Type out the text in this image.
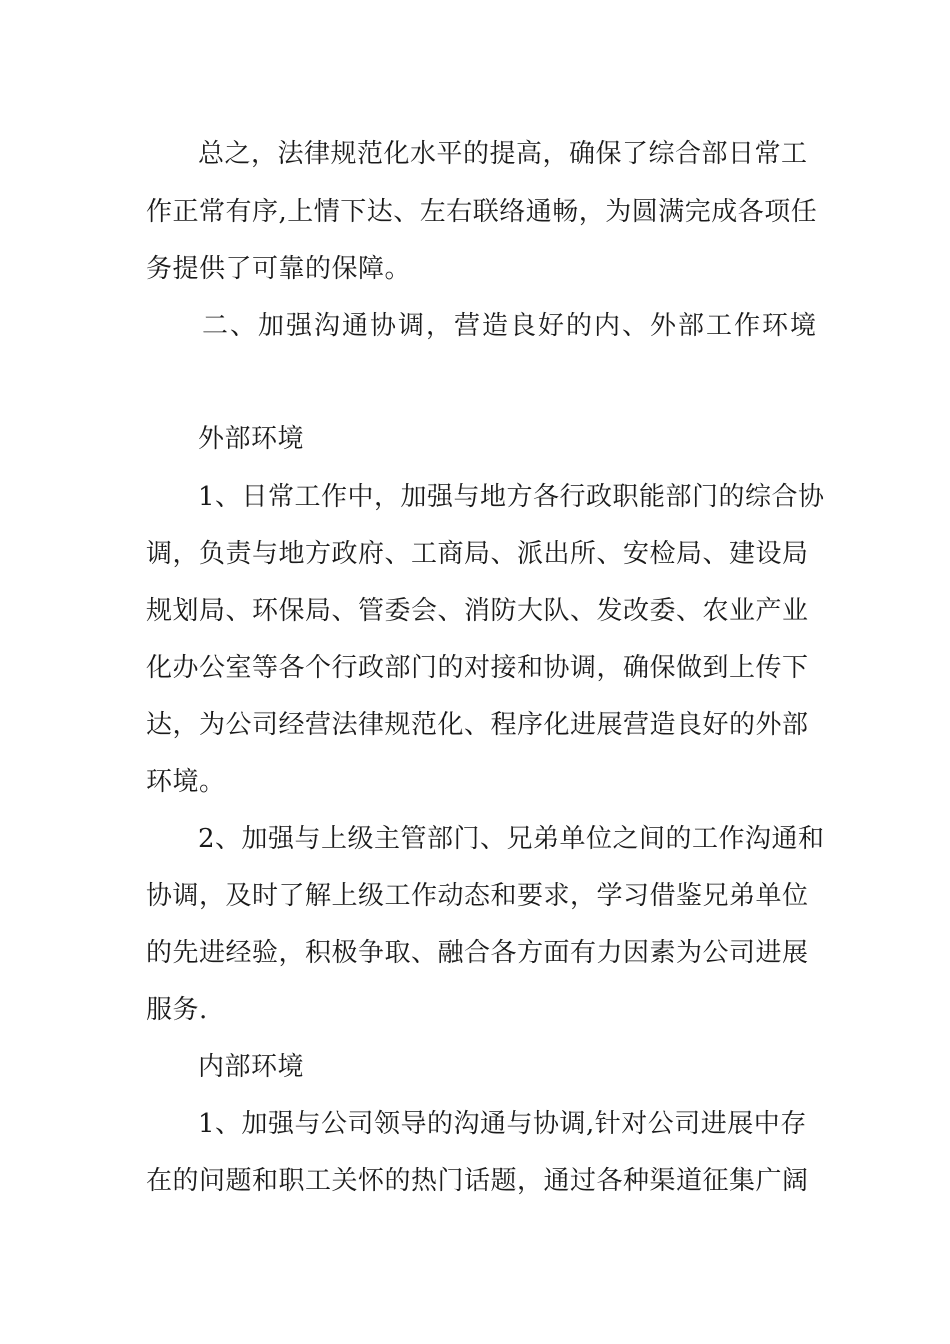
总之，法律规范化水平的提高，确保了综合部日常工
作正常有序,上情下达、左右联络通畅，为圆满完成各项任
务提供了可靠的保障。
二、加强沟通协调，营造良好的内、外部工作环境
外部环境
1、日常工作中，加强与地方各行政职能部门的综合协
调，负责与地方政府、工商局、派出所、安检局、建设局
规划局、环保局、管委会、消防大队、发改委、农业产业
化办公室等各个行政部门的对接和协调，确保做到上传下
达，为公司经营法律规范化、程序化进展营造良好的外部
环境。
2、加强与上级主管部门、兄弟单位之间的工作沟通和
协调，及时了解上级工作动态和要求，学习借鉴兄弟单位
的先进经验，积极争取、融合各方面有力因素为公司进展
服务.
内部环境
1、加强与公司领导的沟通与协调,针对公司进展中存
在的问题和职工关怀的热门话题，通过各种渠道征集广阔
